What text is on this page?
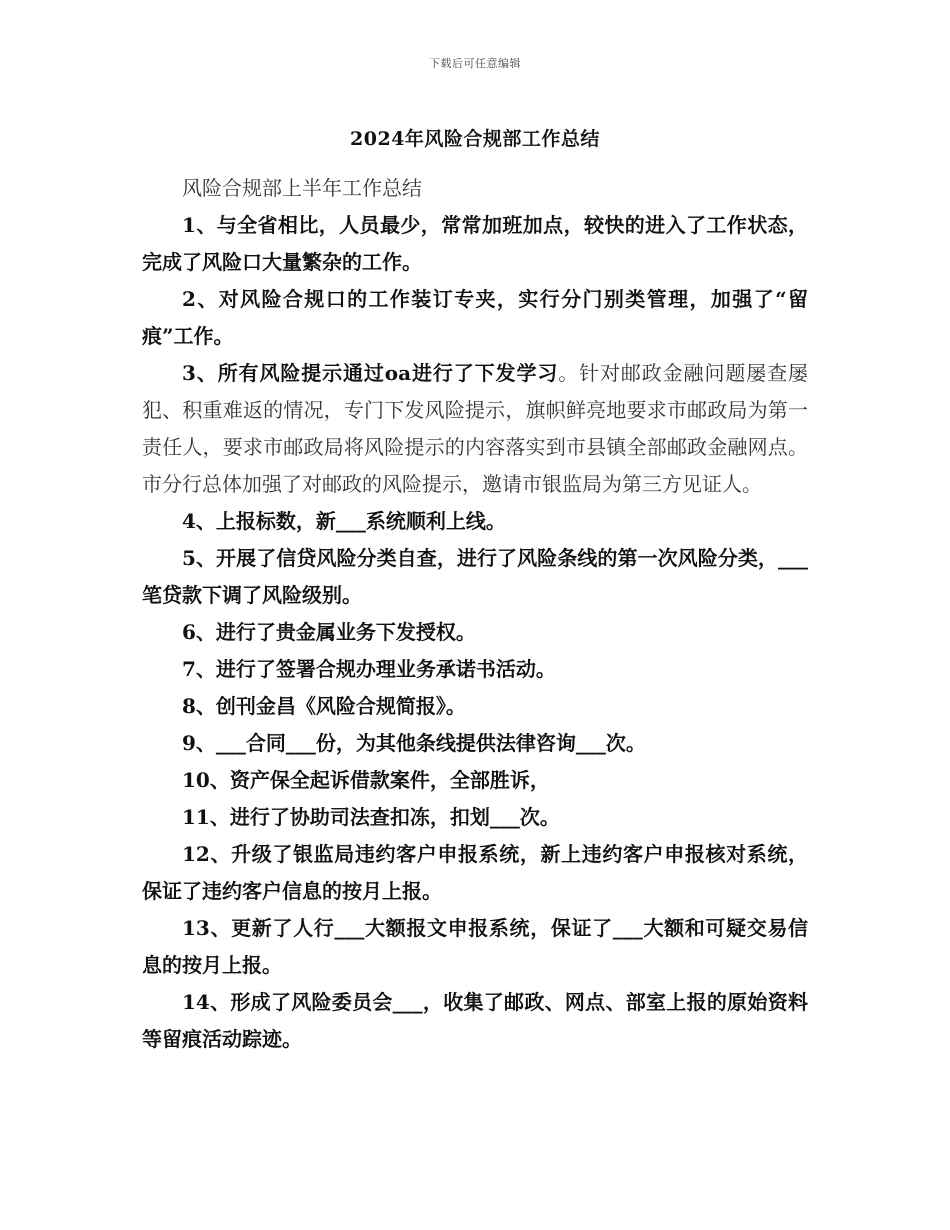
下载后可任意编辑
2024年风险合规部工作总结

风险合规部上半年工作总结

1、与全省相比，人员最少，常常加班加点，较快的进入了工作状态，完成了风险口大量繁杂的工作。

2、对风险合规口的工作装订专夹，实行分门别类管理，加强了“留痕”工作。

3、所有风险提示通过oa进行了下发学习。针对邮政金融问题屡查屡犯、积重难返的情况，专门下发风险提示，旗帜鲜亮地要求市邮政局为第一责任人，要求市邮政局将风险提示的内容落实到市县镇全部邮政金融网点。市分行总体加强了对邮政的风险提示，邀请市银监局为第三方见证人。

4、上报标数，新___系统顺利上线。

5、开展了信贷风险分类自查，进行了风险条线的第一次风险分类，___笔贷款下调了风险级别。

6、进行了贵金属业务下发授权。

7、进行了签署合规办理业务承诺书活动。

8、创刊金昌《风险合规简报》。

9、___合同___份，为其他条线提供法律咨询___次。

10、资产保全起诉借款案件，全部胜诉，

11、进行了协助司法查扣冻，扣划___次。

12、升级了银监局违约客户申报系统，新上违约客户申报核对系统，保证了违约客户信息的按月上报。

13、更新了人行___大额报文申报系统，保证了___大额和可疑交易信息的按月上报。

14、形成了风险委员会___，收集了邮政、网点、部室上报的原始资料等留痕活动踪迹。
